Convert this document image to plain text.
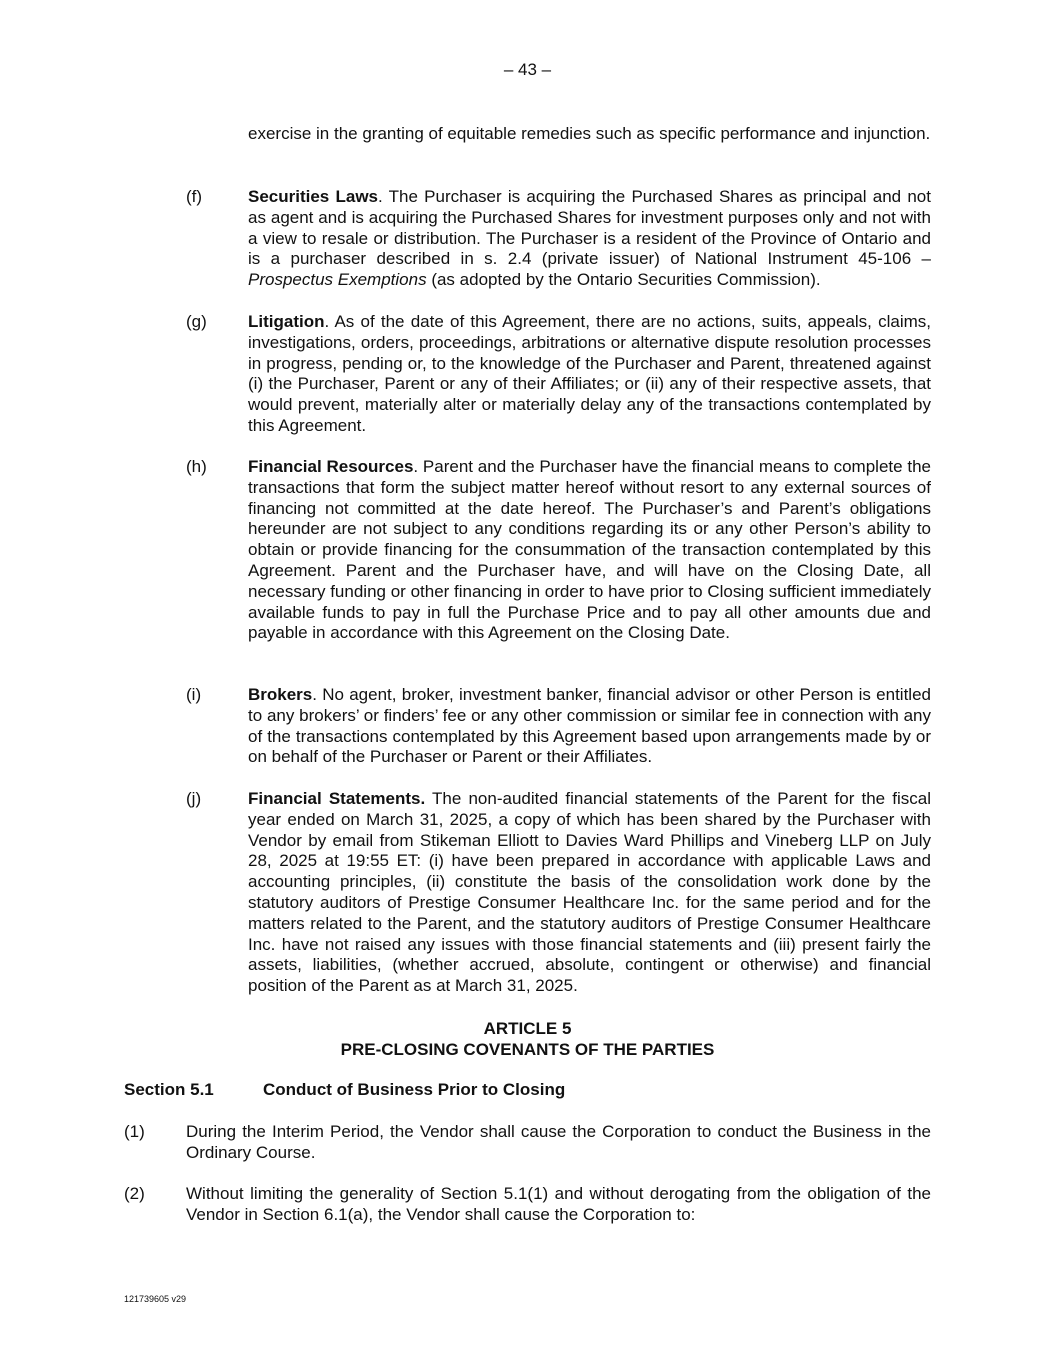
– 43 –
exercise in the granting of equitable remedies such as specific performance and injunction.
(f)	Securities Laws. The Purchaser is acquiring the Purchased Shares as principal and not as agent and is acquiring the Purchased Shares for investment purposes only and not with a view to resale or distribution. The Purchaser is a resident of the Province of Ontario and is a purchaser described in s. 2.4 (private issuer) of National Instrument 45-106 – Prospectus Exemptions (as adopted by the Ontario Securities Commission).
(g) Litigation. As of the date of this Agreement, there are no actions, suits, appeals, claims, investigations, orders, proceedings, arbitrations or alternative dispute resolution processes in progress, pending or, to the knowledge of the Purchaser and Parent, threatened against (i) the Purchaser, Parent or any of their Affiliates; or (ii) any of their respective assets, that would prevent, materially alter or materially delay any of the transactions contemplated by this Agreement.
(h) Financial Resources. Parent and the Purchaser have the financial means to complete the transactions that form the subject matter hereof without resort to any external sources of financing not committed at the date hereof. The Purchaser’s and Parent’s obligations hereunder are not subject to any conditions regarding its or any other Person’s ability to obtain or provide financing for the consummation of the transaction contemplated by this Agreement. Parent and the Purchaser have, and will have on the Closing Date, all necessary funding or other financing in order to have prior to Closing sufficient immediately available funds to pay in full the Purchase Price and to pay all other amounts due and payable in accordance with this Agreement on the Closing Date.
(i)	Brokers. No agent, broker, investment banker, financial advisor or other Person is entitled to any brokers’ or finders’ fee or any other commission or similar fee in connection with any of the transactions contemplated by this Agreement based upon arrangements made by or on behalf of the Purchaser or Parent or their Affiliates.
(j)	Financial Statements. The non-audited financial statements of the Parent for the fiscal year ended on March 31, 2025, a copy of which has been shared by the Purchaser with Vendor by email from Stikeman Elliott to Davies Ward Phillips and Vineberg LLP on July 28, 2025 at 19:55 ET: (i) have been prepared in accordance with applicable Laws and accounting principles, (ii) constitute the basis of the consolidation work done by the statutory auditors of Prestige Consumer Healthcare Inc. for the same period and for the matters related to the Parent, and the statutory auditors of Prestige Consumer Healthcare Inc. have not raised any issues with those financial statements and (iii) present fairly the assets, liabilities, (whether accrued, absolute, contingent or otherwise) and financial position of the Parent as at March 31, 2025.
ARTICLE 5
PRE-CLOSING COVENANTS OF THE PARTIES
Section 5.1	Conduct of Business Prior to Closing
(1) During the Interim Period, the Vendor shall cause the Corporation to conduct the Business in the Ordinary Course.
(2) Without limiting the generality of Section 5.1(1) and without derogating from the obligation of the Vendor in Section 6.1(a), the Vendor shall cause the Corporation to:
121739605 v29
